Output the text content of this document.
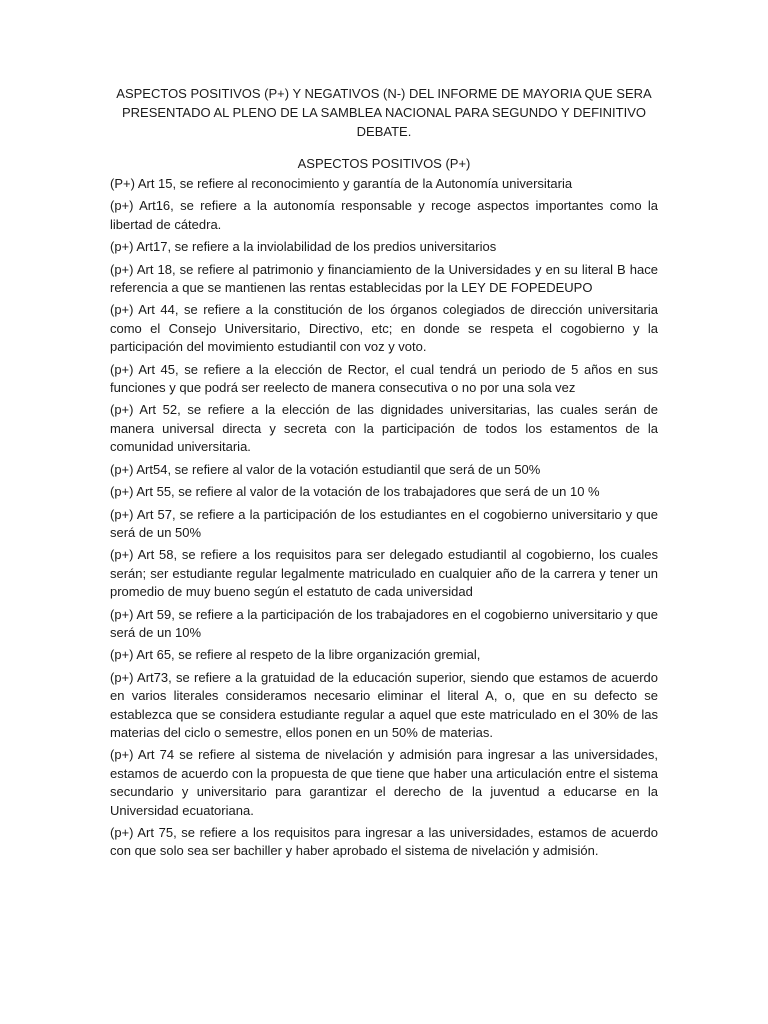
ASPECTOS POSITIVOS (P+) Y NEGATIVOS (N-) DEL INFORME DE MAYORIA QUE SERA PRESENTADO AL PLENO DE LA SAMBLEA NACIONAL PARA SEGUNDO Y DEFINITIVO DEBATE.

ASPECTOS POSITIVOS (P+)

(P+) Art 15, se refiere al reconocimiento y garantía de la Autonomía universitaria

(p+) Art16, se refiere a la autonomía responsable y recoge aspectos importantes como la libertad de cátedra.

(p+) Art17, se refiere a la inviolabilidad de los predios universitarios

(p+) Art 18, se refiere al patrimonio y financiamiento de la Universidades y en su literal B hace referencia a que se mantienen las rentas establecidas por la LEY DE FOPEDEUPO

(p+) Art 44, se refiere a la constitución de los órganos colegiados de dirección universitaria como el Consejo Universitario, Directivo, etc; en donde se respeta el cogobierno y la participación del movimiento estudiantil con voz y voto.

(p+) Art 45, se refiere a la elección de Rector, el cual tendrá un periodo de 5 años en sus funciones y que podrá ser reelecto de manera consecutiva o no por una sola vez

(p+) Art 52, se refiere a la elección de las dignidades universitarias, las cuales serán de manera universal directa y secreta con la participación de todos los estamentos de la comunidad universitaria.

(p+) Art54, se refiere al valor de la votación estudiantil que será de un 50%

(p+) Art 55, se refiere al valor de la votación de los trabajadores que será de un 10 %

(p+) Art 57, se refiere a la participación de los estudiantes en el cogobierno universitario y que será de un 50%

(p+) Art 58, se refiere a los requisitos para ser delegado estudiantil al cogobierno, los cuales serán; ser estudiante regular legalmente matriculado en cualquier año de la carrera y tener un promedio de muy bueno según el estatuto de cada universidad

(p+) Art 59, se refiere a la participación de los trabajadores en el cogobierno universitario y que será de un 10%

(p+) Art 65, se refiere al respeto de la libre organización gremial,

(p+) Art73, se refiere a la gratuidad de la educación superior, siendo que estamos de acuerdo en varios literales consideramos necesario eliminar el literal A, o, que en su defecto se establezca que se considera estudiante regular a aquel que este matriculado en el 30% de las materias del ciclo o semestre, ellos ponen en un 50% de materias.

(p+) Art 74 se refiere al sistema de nivelación y admisión para ingresar a las universidades, estamos de acuerdo con la propuesta de que tiene que haber una articulación entre el sistema secundario y universitario para garantizar el derecho de la juventud a educarse en la Universidad ecuatoriana.

(p+) Art 75, se refiere a los requisitos para ingresar a las universidades, estamos de acuerdo con que solo sea ser bachiller y haber aprobado el sistema de nivelación y admisión.
